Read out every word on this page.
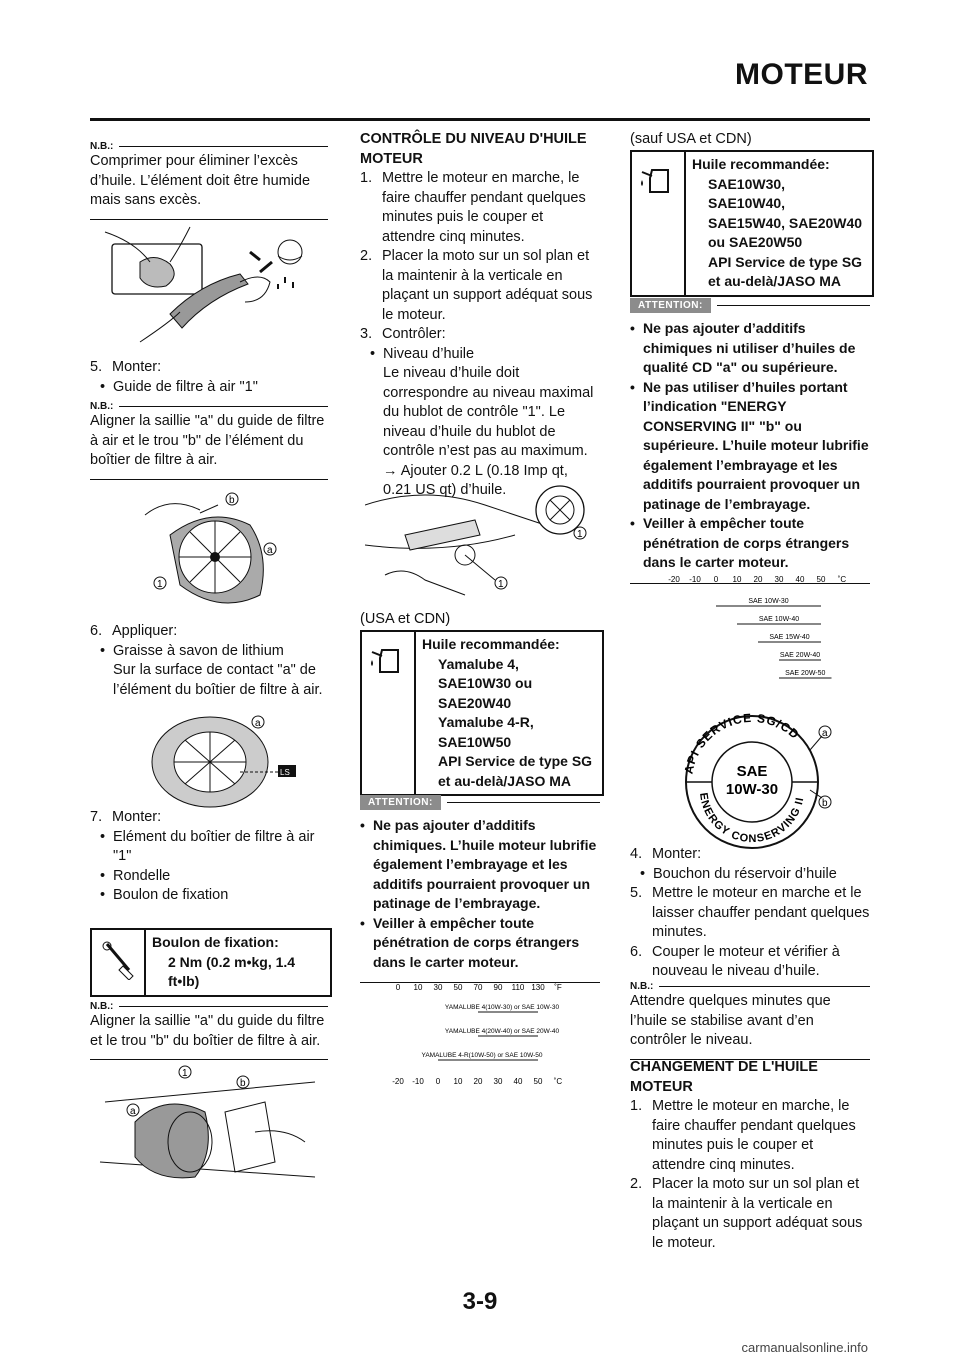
MOTEUR
N.B.:
Comprimer pour éliminer l’excès d’huile. L’élément doit être humide mais sans excès.
5. Monter:
• Guide de filtre à air "1"
N.B.:
Aligner la saillie "a" du guide de filtre à air et le trou "b" de l’élément du boîtier de filtre à air.
b
a
1
6. Appliquer:
• Graisse à savon de lithium
Sur la surface de contact "a" de l’élément du boîtier de filtre à air.
a
LS
7. Monter:
• Elément du boîtier de filtre à air "1"
• Rondelle
• Boulon de fixation
Boulon de fixation:
2 Nm (0.2 m•kg, 1.4 ft•lb)
N.B.:
Aligner la saillie "a" du guide du filtre et le trou "b" du boîtier de filtre à air.
1
b
a
CONTRÔLE DU NIVEAU D'HUILE MOTEUR
1. Mettre le moteur en marche, le faire chauffer pendant quelques minutes puis le couper et attendre cinq minutes.
2. Placer la moto sur un sol plan et la maintenir à la verticale en plaçant un support adéquat sous le moteur.
3. Contrôler:
• Niveau d’huile
Le niveau d’huile doit correspondre au niveau maximal du hublot de contrôle "1". Le niveau d’huile du hublot de contrôle n’est pas au maximum.
→ Ajouter 0.2 L (0.18 Imp qt, 0.21 US qt) d’huile.
1
1
(USA et CDN)
Huile recommandée:
Yamalube 4,
SAE10W30 ou
SAE20W40
Yamalube 4-R,
SAE10W50
API Service de type SG et au-delà/JASO MA
ATTENTION:
• Ne pas ajouter d’additifs chimiques. L’huile moteur lubrifie également l’embrayage et les additifs pourraient provoquer un patinage de l’embrayage.
• Veiller à empêcher toute pénétration de corps étrangers dans le carter moteur.
0 10 30 50 70 90 110 130 ˚F
-20 -10 0 10 20 30 40 50 ˚C
YAMALUBE 4(10W-30) or SAE 10W-30
YAMALUBE 4(20W-40) or SAE 20W-40
YAMALUBE 4-R(10W-50) or SAE 10W-50
(sauf USA et CDN)
Huile recommandée:
SAE10W30,
SAE10W40,
SAE15W40, SAE20W40
ou SAE20W50
API Service de type SG et au-delà/JASO MA
ATTENTION:
• Ne pas ajouter d’additifs chimiques ni utiliser d’huiles de qualité CD "a" ou supérieure.
• Ne pas utiliser d’huiles portant l’indication "ENERGY CONSERVING II" "b" ou supérieure. L’huile moteur lubrifie également l’embrayage et les additifs pourraient provoquer un patinage de l’embrayage.
• Veiller à empêcher toute pénétration de corps étrangers dans le carter moteur.
-20 -10 0 10 20 30 40 50 ˚C
SAE 10W-30
SAE 10W-40
SAE 15W-40
SAE 20W-40
SAE 20W-50
API SERVICE SG/CD
ENERGY CONSERVING II
SAE
10W-30
a
b
4. Monter:
• Bouchon du réservoir d’huile
5. Mettre le moteur en marche et le laisser chauffer pendant quelques minutes.
6. Couper le moteur et vérifier à nouveau le niveau d’huile.
N.B.:
Attendre quelques minutes que l’huile se stabilise avant d’en contrôler le niveau.
CHANGEMENT DE L'HUILE MOTEUR
1. Mettre le moteur en marche, le faire chauffer pendant quelques minutes puis le couper et attendre cinq minutes.
2. Placer la moto sur un sol plan et la maintenir à la verticale en plaçant un support adéquat sous le moteur.
3-9
carmanualsonline.info
